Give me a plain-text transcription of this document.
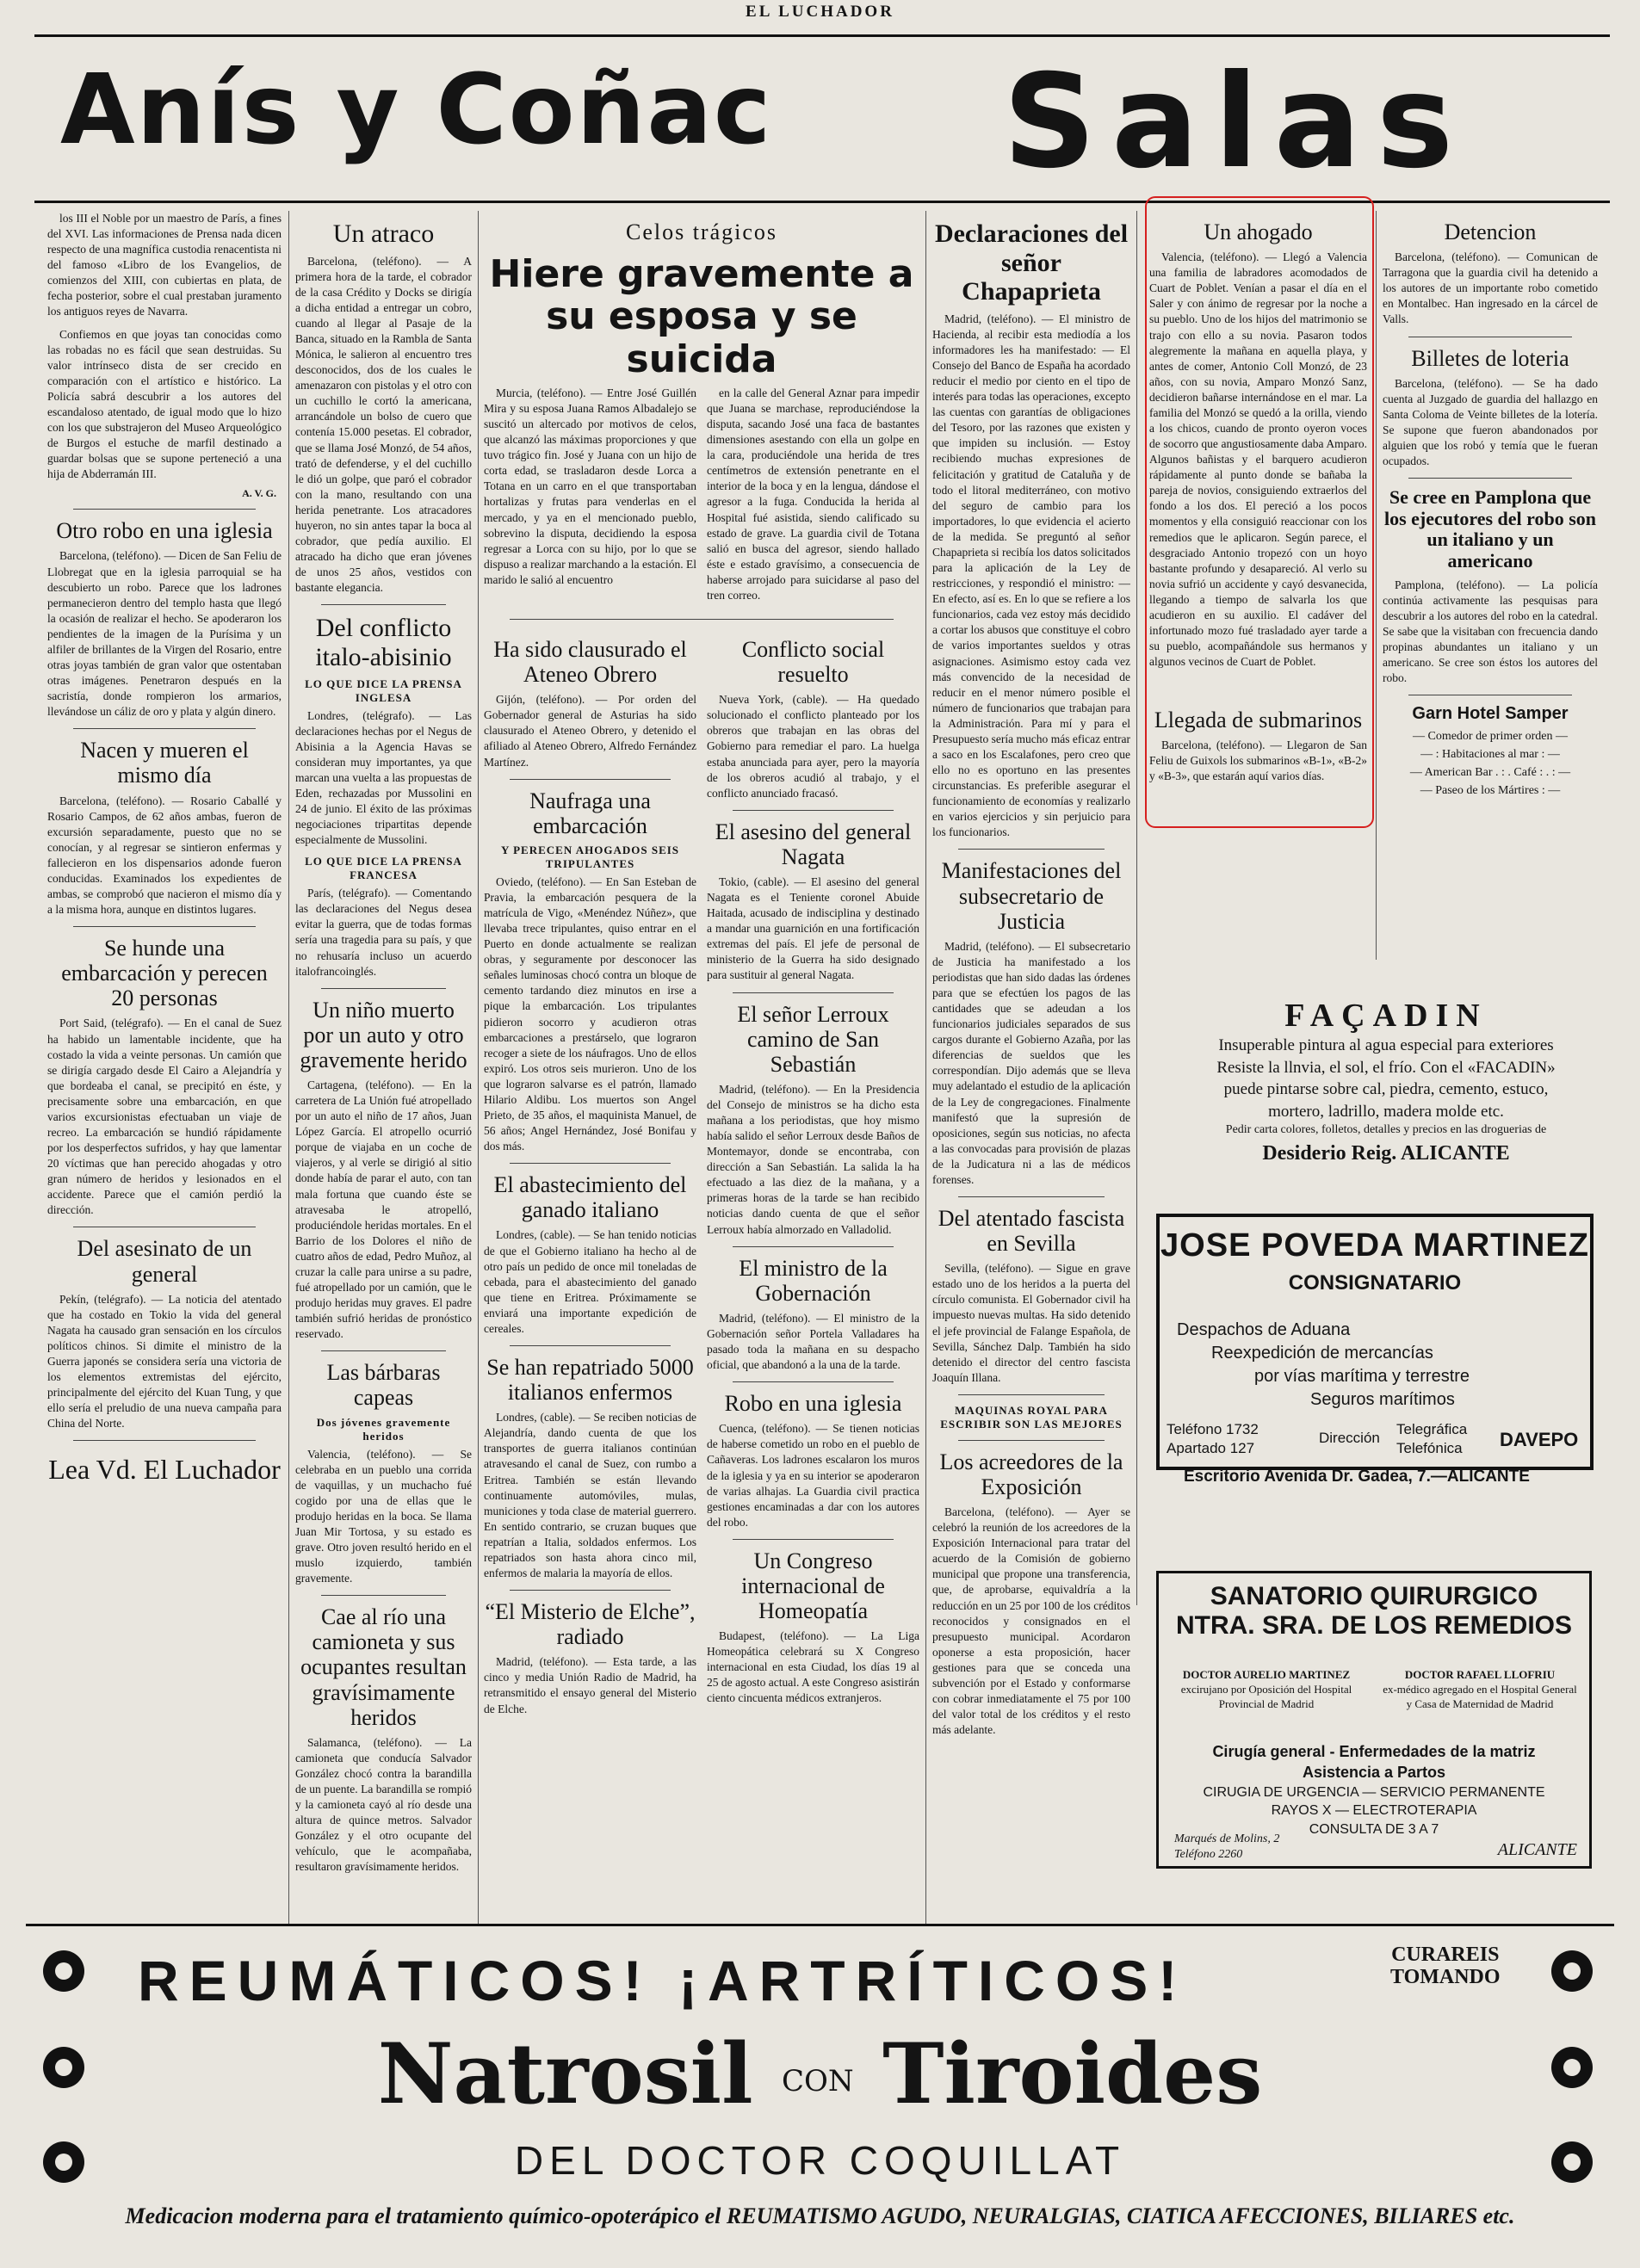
EL LUCHADOR
Anís y Coñac Salas

los III el Noble por un maestro de París, a fines del XVI. Las informaciones de Prensa nada dicen respecto de una magnífica custodia renacentista ni del famoso «Libro de los Evangelios, de comienzos del XIII, con cubiertas en plata, de fecha posterior, sobre el cual prestaban juramento los antiguos reyes de Navarra.

Confiemos en que joyas tan conocidas como las robadas no es fácil que sean destruidas. Su valor intrínseco dista de ser crecido en comparación con el artístico e histórico. La Policía sabrá descubrir a los autores del escandaloso atentado, de igual modo que lo hizo con los que substrajeron del Museo Arqueológico de Burgos el estuche de marfil destinado a guardar bolsas que se supone perteneció a una hija de Abderramán III.

A. V. G.
Otro robo en una iglesia

Barcelona, (teléfono). — Dicen de San Feliu de Llobregat que en la iglesia parroquial se ha descubierto un robo. Parece que los ladrones permanecieron dentro del templo hasta que llegó la ocasión de realizar el hecho. Se apoderaron los pendientes de la imagen de la Purísima y un alfiler de brillantes de la Virgen del Rosario, entre otras joyas también de gran valor que ostentaban otras imágenes. Penetraron después en la sacristía, donde rompieron los armarios, llevándose un cáliz de oro y plata y algún dinero.

Nacen y mueren el mismo día

Barcelona, (teléfono). — Rosario Caballé y Rosario Campos, de 62 años ambas, fueron de excursión separadamente, puesto que no se conocían, y al regresar se sintieron enfermas y fallecieron en los dispensarios adonde fueron conducidas. Examinados los expedientes de ambas, se comprobó que nacieron el mismo día y a la misma hora, aunque en distintos lugares.

Se hunde una embarcación y perecen 20 personas

Port Said, (telégrafo). — En el canal de Suez ha habido un lamentable incidente, que ha costado la vida a veinte personas. Un camión que se dirigía cargado desde El Cairo a Alejandría y que bordeaba el canal, se precipitó en éste, y precisamente sobre una embarcación, en que varios excursionistas efectuaban un viaje de recreo. La embarcación se hundió rápidamente por los desperfectos sufridos, y hay que lamentar 20 víctimas que han perecido ahogadas y otro gran número de heridos y lesionados en el accidente. Parece que el camión perdió la dirección.

Del asesinato de un general

Pekín, (telégrafo). — La noticia del atentado que ha costado en Tokio la vida del general Nagata ha causado gran sensación en los círculos políticos chinos. Si dimite el ministro de la Guerra japonés se considera sería una victoria de los elementos extremistas del ejército, principalmente del ejército del Kuan Tung, y que ello sería el preludio de una nueva campaña para China del Norte.

Lea Vd. El Luchador
Un atraco

Barcelona, (teléfono). — A primera hora de la tarde, el cobrador de la casa Crédito y Docks se dirigía a dicha entidad a entregar un cobro, cuando al llegar al Pasaje de la Banca, situado en la Rambla de Santa Mónica, le salieron al encuentro tres desconocidos, dos de los cuales le amenazaron con pistolas y el otro con un cuchillo le cortó la americana, arrancándole un bolso de cuero que contenía 15.000 pesetas. El cobrador, que se llama José Monzó, de 54 años, trató de defenderse, y el del cuchillo le dió un golpe, que paró el cobrador con la mano, resultando con una herida penetrante. Los atracadores huyeron, no sin antes tapar la boca al cobrador, que pedía auxilio. El atracado ha dicho que eran jóvenes de unos 25 años, vestidos con bastante elegancia.

Del conflicto italo-abisinio
LO QUE DICE LA PRENSA INGLESA

Londres, (telégrafo). — Las declaraciones hechas por el Negus de Abisinia a la Agencia Havas se consideran muy importantes, ya que marcan una vuelta a las propuestas de Eden, rechazadas por Mussolini en 24 de junio. El éxito de las próximas negociaciones tripartitas depende especialmente de Mussolini.

LO QUE DICE LA PRENSA FRANCESA

París, (telégrafo). — Comentando las declaraciones del Negus desea evitar la guerra, que de todas formas sería una tragedia para su país, y que no rehusaría incluso un acuerdo italofrancoinglés.

Un niño muerto por un auto y otro gravemente herido

Cartagena, (teléfono). — En la carretera de La Unión fué atropellado por un auto el niño de 17 años, Juan López García. El atropello ocurrió porque de viajaba en un coche de viajeros, y al verle se dirigió al sitio donde había de parar el auto, con tan mala fortuna que cuando éste se atravesaba le atropelló, produciéndole heridas mortales. En el Barrio de los Dolores el niño de cuatro años de edad, Pedro Muñoz, al cruzar la calle para unirse a su padre, fué atropellado por un camión, que le produjo heridas muy graves. El padre también sufrió heridas de pronóstico reservado.

Las bárbaras capeas
Dos jóvenes gravemente heridos

Valencia, (teléfono). — Se celebraba en un pueblo una corrida de vaquillas, y un muchacho fué cogido por una de ellas que le produjo heridas en la boca. Se llama Juan Mir Tortosa, y su estado es grave. Otro joven resultó herido en el muslo izquierdo, también gravemente.

Cae al río una camioneta y sus ocupantes resultan gravísimamente heridos

Salamanca, (teléfono). — La camioneta que conducía Salvador González chocó contra la barandilla de un puente. La barandilla se rompió y la camioneta cayó al río desde una altura de quince metros. Salvador González y el otro ocupante del vehículo, que le acompañaba, resultaron gravísimamente heridos.

Celos trágicos
Hiere gravemente a su esposa y se suicida

Murcia, (teléfono). — Entre José Guillén Mira y su esposa Juana Ramos Albadalejo se suscitó un altercado por motivos de celos, que alcanzó las máximas proporciones y que tuvo trágico fin. José y Juana con un hijo de corta edad, se trasladaron desde Lorca a Totana en un carro en el que transportaban hortalizas y frutas para venderlas en el mercado, y ya en el mencionado pueblo, sobrevino la disputa, decidiendo la esposa regresar a Lorca con su hijo, por lo que se dispuso a realizar marchando a la estación. El marido le salió al encuentro

en la calle del General Aznar para impedir que Juana se marchase, reproduciéndose la disputa, sacando José una faca de bastantes dimensiones asestando con ella un golpe en la cara, produciéndole una herida de tres centímetros de extensión penetrante en el interior de la boca y en la lengua, dándose el agresor a la fuga. Conducida la herida al Hospital fué asistida, siendo calificado su estado de grave. La guardia civil de Totana salió en busca del agresor, siendo hallado éste e estado gravísimo, a consecuencia de haberse arrojado para suicidarse al paso del tren correo.

Ha sido clausurado el Ateneo Obrero

Gijón, (teléfono). — Por orden del Gobernador general de Asturias ha sido clausurado el Ateneo Obrero, y detenido el afiliado al Ateneo Obrero, Alfredo Fernández Martínez.

Naufraga una embarcación
Y PERECEN AHOGADOS SEIS TRIPULANTES

Oviedo, (teléfono). — En San Esteban de Pravia, la embarcación pesquera de la matrícula de Vigo, «Menéndez Núñez», que llevaba trece tripulantes, quiso entrar en el Puerto en donde actualmente se realizan obras, y seguramente por desconocer las señales luminosas chocó contra un bloque de cemento tardando diez minutos en irse a pique la embarcación. Los tripulantes pidieron socorro y acudieron otras embarcaciones a prestárselo, que lograron recoger a siete de los náufragos. Uno de ellos expiró. Los otros seis murieron. Uno de los que lograron salvarse es el patrón, llamado Hilario Aldibu. Los muertos son Angel Prieto, de 35 años, el maquinista Manuel, de 56 años; Angel Hernández, José Bonifau y dos más.

El abastecimiento del ganado italiano

Londres, (cable). — Se han tenido noticias de que el Gobierno italiano ha hecho al de otro país un pedido de once mil toneladas de cebada, para el abastecimiento del ganado que tiene en Eritrea. Próximamente se enviará una importante expedición de cereales.

Se han repatriado 5000 italianos enfermos

Londres, (cable). — Se reciben noticias de Alejandría, dando cuenta de que los transportes de guerra italianos continúan atravesando el canal de Suez, con rumbo a Eritrea. También se están llevando continuamente automóviles, mulas, municiones y toda clase de material guerrero. En sentido contrario, se cruzan buques que repatrían a Italia, soldados enfermos. Los repatriados son hasta ahora cinco mil, enfermos de malaria la mayoría de ellos.

“El Misterio de Elche”, radiado

Madrid, (teléfono). — Esta tarde, a las cinco y media Unión Radio de Madrid, ha retransmitido el ensayo general del Misterio de Elche.

Conflicto social resuelto

Nueva York, (cable). — Ha quedado solucionado el conflicto planteado por los obreros que trabajan en las obras del Gobierno para remediar el paro. La huelga estaba anunciada para ayer, pero la mayoría de los obreros acudió al trabajo, y el conflicto anunciado fracasó.

El asesino del general Nagata

Tokio, (cable). — El asesino del general Nagata es el Teniente coronel Abuide Haitada, acusado de indisciplina y destinado a mandar una guarnición en una fortificación extremas del país. El jefe de personal de ministerio de la Guerra ha sido designado para sustituir al general Nagata.

El señor Lerroux camino de San Sebastián

Madrid, (teléfono). — En la Presidencia del Consejo de ministros se ha dicho esta mañana a los periodistas, que hoy mismo había salido el señor Lerroux desde Baños de Montemayor, donde se encontraba, con dirección a San Sebastián. La salida la ha efectuado a las diez de la mañana, y a primeras horas de la tarde se han recibido noticias dando cuenta de que el señor Lerroux había almorzado en Valladolid.

El ministro de la Gobernación

Madrid, (teléfono). — El ministro de la Gobernación señor Portela Valladares ha pasado toda la mañana en su despacho oficial, que abandonó a la una de la tarde.

Robo en una iglesia

Cuenca, (teléfono). — Se tienen noticias de haberse cometido un robo en el pueblo de Cañaveras. Los ladrones escalaron los muros de la iglesia y ya en su interior se apoderaron de varias alhajas. La Guardia civil practica gestiones encaminadas a dar con los autores del robo.

Un Congreso internacional de Homeopatía

Budapest, (teléfono). — La Liga Homeopática celebrará su X Congreso internacional en esta Ciudad, los días 19 al 25 de agosto actual. A este Congreso asistirán ciento cincuenta médicos extranjeros.

Declaraciones del señor Chapaprieta

Madrid, (teléfono). — El ministro de Hacienda, al recibir esta mediodía a los informadores les ha manifestado: — El Consejo del Banco de España ha acordado reducir el medio por ciento en el tipo de interés para todas las operaciones, excepto las cuentas con garantías de obligaciones del Tesoro, por las razones que existen y que impiden su inclusión. — Estoy recibiendo muchas expresiones de felicitación y gratitud de Cataluña y de todo el litoral mediterráneo, con motivo del seguro de cambio para los importadores, lo que evidencia el acierto de la medida. Se preguntó al señor Chapaprieta si recibía los datos solicitados para la aplicación de la Ley de restricciones, y respondió el ministro: — En efecto, así es. En lo que se refiere a los funcionarios, cada vez estoy más decidido a cortar los abusos que constituye el cobro de varios importantes sueldos y otras asignaciones. Asimismo estoy cada vez más convencido de la necesidad de reducir en el menor número posible el número de funcionarios que trabajan para la Administración. Para mí y para el Presupuesto sería mucho más eficaz entrar a saco en los Escalafones, pero creo que ello no es oportuno en las presentes circunstancias. Es preferible asegurar el funcionamiento de economías y realizarlo en varios ejercicios y sin perjuicio para los funcionarios.

Manifestaciones del subsecretario de Justicia

Madrid, (teléfono). — El subsecretario de Justicia ha manifestado a los periodistas que han sido dadas las órdenes para que se efectúen los pagos de las cantidades que se adeudan a los funcionarios judiciales separados de sus cargos durante el Gobierno Azaña, por las diferencias de sueldos que les correspondían. Dijo además que se lleva muy adelantado el estudio de la aplicación de la Ley de congregaciones. Finalmente manifestó que la supresión de oposiciones, según sus noticias, no afecta a las convocadas para provisión de plazas de la Judicatura ni a las de médicos forenses.

Del atentado fascista en Sevilla

Sevilla, (teléfono). — Sigue en grave estado uno de los heridos a la puerta del círculo comunista. El Gobernador civil ha impuesto nuevas multas. Ha sido detenido el jefe provincial de Falange Española, de Sevilla, Sánchez Dalp. También ha sido detenido el director del centro fascista Joaquín Illana.

MAQUINAS ROYAL PARA ESCRIBIR SON LAS MEJORES
Los acreedores de la Exposición

Barcelona, (teléfono). — Ayer se celebró la reunión de los acreedores de la Exposición Internacional para tratar del acuerdo de la Comisión de gobierno municipal que propone una transferencia, que, de aprobarse, equivaldría a la reducción en un 25 por 100 de los créditos reconocidos y consignados en el presupuesto municipal. Acordaron oponerse a esta proposición, hacer gestiones para que se conceda una subvención por el Estado y conformarse con cobrar inmediatamente el 75 por 100 del valor total de los créditos y el resto más adelante.

Un ahogado

Valencia, (teléfono). — Llegó a Valencia una familia de labradores acomodados de Cuart de Poblet. Venían a pasar el día en el Saler y con ánimo de regresar por la noche a su pueblo. Uno de los hijos del matrimonio se trajo con ello a su novia. Pasaron todos alegremente la mañana en aquella playa, y antes de comer, Antonio Coll Monzó, de 23 años, con su novia, Amparo Monzó Sanz, decidieron bañarse internándose en el mar. La familia del Monzó se quedó a la orilla, viendo a los chicos, cuando de pronto oyeron voces de socorro que angustiosamente daba Amparo. Algunos bañistas y el barquero acudieron rápidamente al punto donde se bañaba la pareja de novios, consiguiendo extraerlos del fondo a los dos. El pereció a los pocos momentos y ella consiguió reaccionar con los remedios que le aplicaron. Según parece, el desgraciado Antonio tropezó con un hoyo bastante profundo y desapareció. Al verlo su novia sufrió un accidente y cayó desvanecida, llegando a tiempo de salvarla los que acudieron en su auxilio. El cadáver del infortunado mozo fué trasladado ayer tarde a su pueblo, acompañándole sus hermanos y algunos vecinos de Cuart de Poblet.

Llegada de submarinos

Barcelona, (teléfono). — Llegaron de San Feliu de Guixols los submarinos «B-1», «B-2» y «B-3», que estarán aquí varios días.

Detencion

Barcelona, (teléfono). — Comunican de Tarragona que la guardia civil ha detenido a los autores de un importante robo cometido en Montalbec. Han ingresado en la cárcel de Valls.

Billetes de loteria

Barcelona, (teléfono). — Se ha dado cuenta al Juzgado de guardia del hallazgo en Santa Coloma de Veinte billetes de la lotería. Se supone que fueron abandonados por alguien que los robó y temía que le fueran ocupados.

Se cree en Pamplona que los ejecutores del robo son un italiano y un americano

Pamplona, (teléfono). — La policía continúa activamente las pesquisas para descubrir a los autores del robo en la catedral. Se sabe que la visitaban con frecuencia dando propinas abundantes un italiano y un americano. Se cree son éstos los autores del robo.

Garn Hotel Samper
— Comedor de primer orden —
— : Habitaciones al mar : —
— American Bar . : . Café : . : —
— Paseo de los Mártires : —
FAÇADIN
Insuperable pintura al agua especial para exteriores
Resiste la llnvia, el sol, el frío. Con el «FACADIN»
puede pintarse sobre cal, piedra, cemento, estuco,
mortero, ladrillo, madera molde etc.
Pedir carta colores, folletos, detalles y precios en las droguerias de
Desiderio Reig. ALICANTE
JOSE POVEDA MARTINEZ
CONSIGNATARIO
Despachos de Aduana
Reexpedición de mercancías
por vías marítima y terrestre
Seguros marítimos
Teléfono 1732
Apartado 127
Dirección
Telegráfica
Telefónica DAVEPO
Escritorio Avenida Dr. Gadea, 7.—ALICANTE
SANATORIO QUIRURGICO
NTRA. SRA. DE LOS REMEDIOS
DOCTOR AURELIO MARTINEZ
excirujano por Oposición del Hospital Provincial de Madrid
DOCTOR RAFAEL LLOFRIU
ex-médico agregado en el Hospital General y Casa de Maternidad de Madrid
Cirugía general - Enfermedades de la matriz
Asistencia a Partos
CIRUGIA DE URGENCIA — SERVICIO PERMANENTE
RAYOS X — ELECTROTERAPIA
CONSULTA DE 3 A 7
Marqués de Molins, 2
Teléfono 2260	ALICANTE
REUMÁTICOS! ¡ARTRÍTICOS!	CURAREIS
TOMANDO
Natrosil CON Tiroides
DEL DOCTOR COQUILLAT
Medicacion moderna para el tratamiento químico-opoterápico el REUMATISMO AGUDO, NEURALGIAS, CIATICA AFECCIONES, BILIARES etc.
